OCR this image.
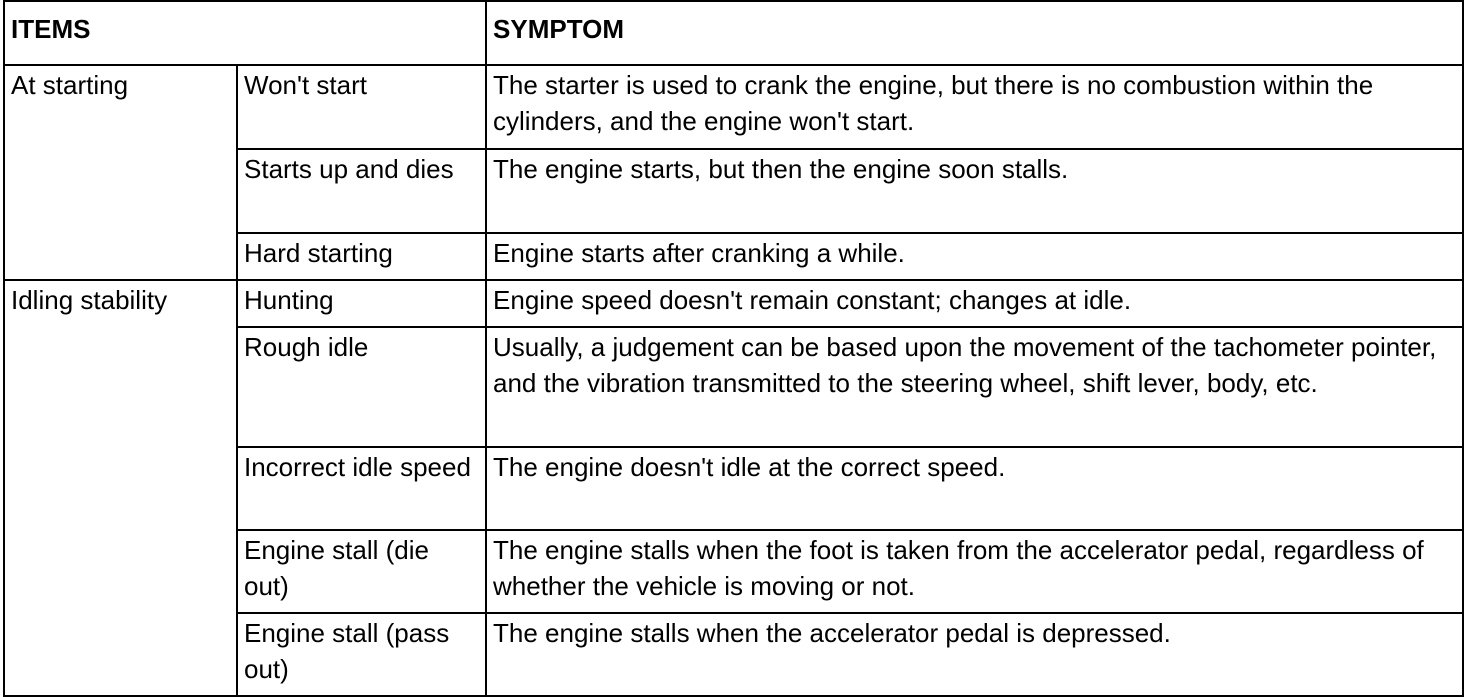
ITEMS		SYMPTOM
At starting	Won't start	The starter is used to crank the engine, but there is no combustion within the cylinders, and the engine won't start.
	Starts up and dies	The engine starts, but then the engine soon stalls.
	Hard starting	Engine starts after cranking a while.
Idling stability	Hunting	Engine speed doesn't remain constant; changes at idle.
	Rough idle	Usually, a judgement can be based upon the movement of the tachometer pointer, and the vibration transmitted to the steering wheel, shift lever, body, etc.
	Incorrect idle speed	The engine doesn't idle at the correct speed.
	Engine stall (die out)	The engine stalls when the foot is taken from the accelerator pedal, regardless of whether the vehicle is moving or not.
	Engine stall (pass out)	The engine stalls when the accelerator pedal is depressed.
